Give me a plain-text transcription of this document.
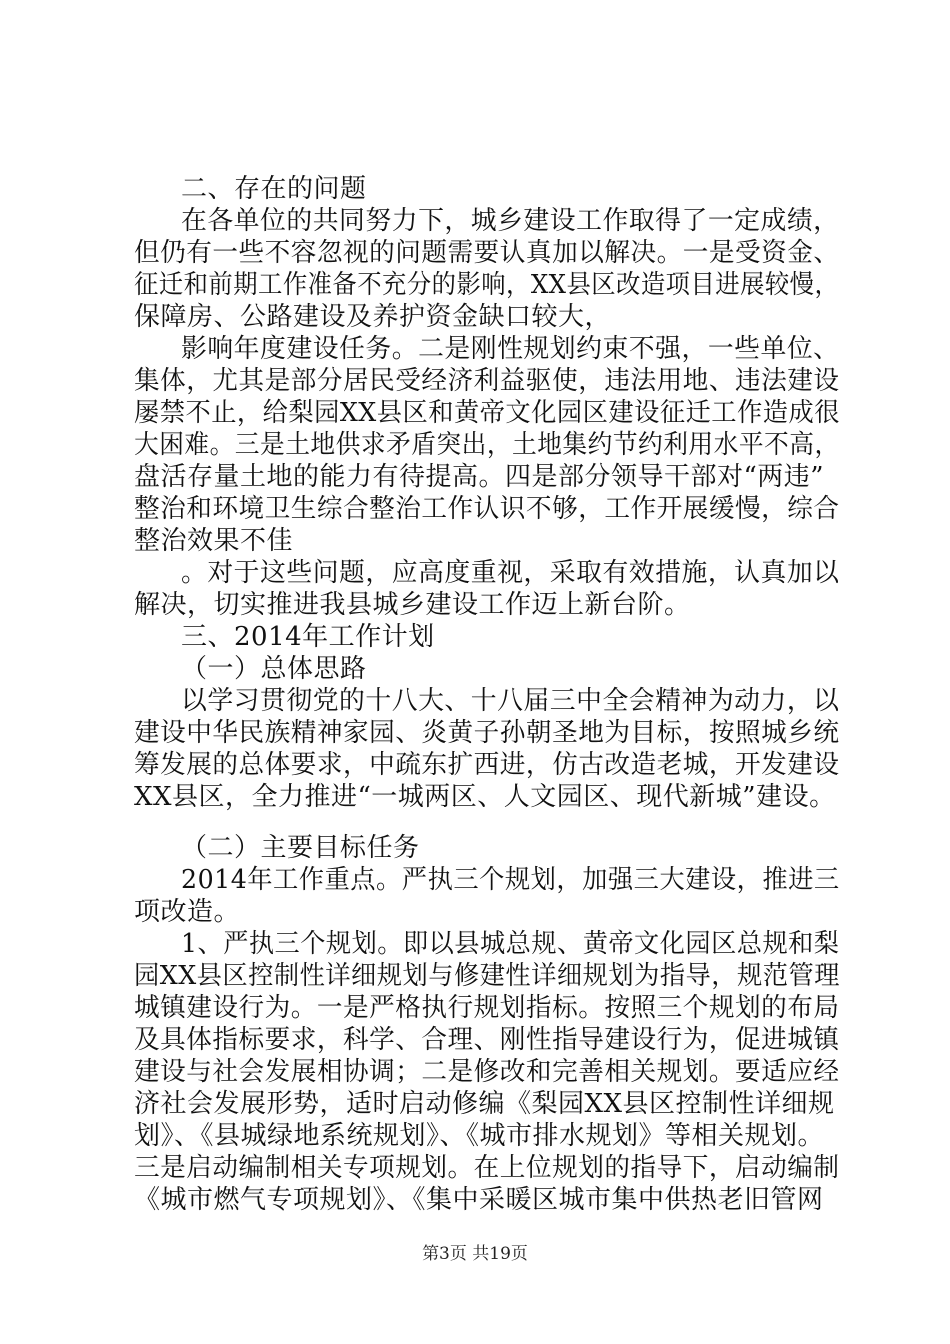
二、存在的问题
在各单位的共同努力下，城乡建设工作取得了一定成绩，
但仍有一些不容忽视的问题需要认真加以解决。一是受资金、
征迁和前期工作准备不充分的影响，XX县区改造项目进展较慢，
保障房、公路建设及养护资金缺口较大，
影响年度建设任务。二是刚性规划约束不强，一些单位、
集体，尤其是部分居民受经济利益驱使，违法用地、违法建设
屡禁不止，给梨园XX县区和黄帝文化园区建设征迁工作造成很
大困难。三是土地供求矛盾突出，土地集约节约利用水平不高，
盘活存量土地的能力有待提高。四是部分领导干部对“两违”
整治和环境卫生综合整治工作认识不够，工作开展缓慢，综合
整治效果不佳
。对于这些问题，应高度重视，采取有效措施，认真加以
解决，切实推进我县城乡建设工作迈上新台阶。
三、2014年工作计划
（一）总体思路
以学习贯彻党的十八大、十八届三中全会精神为动力，以
建设中华民族精神家园、炎黄子孙朝圣地为目标，按照城乡统
筹发展的总体要求，中疏东扩西进，仿古改造老城，开发建设
XX县区，全力推进“一城两区、人文园区、现代新城”建设。
（二）主要目标任务
2014年工作重点。严执三个规划，加强三大建设，推进三
项改造。
1、严执三个规划。即以县城总规、黄帝文化园区总规和梨
园XX县区控制性详细规划与修建性详细规划为指导，规范管理
城镇建设行为。一是严格执行规划指标。按照三个规划的布局
及具体指标要求，科学、合理、刚性指导建设行为，促进城镇
建设与社会发展相协调；二是修改和完善相关规划。要适应经
济社会发展形势，适时启动修编《梨园XX县区控制性详细规
划》、《县城绿地系统规划》、《城市排水规划》等相关规划。
三是启动编制相关专项规划。在上位规划的指导下，启动编制
《城市燃气专项规划》、《集中采暖区城市集中供热老旧管网
第3页 共19页
